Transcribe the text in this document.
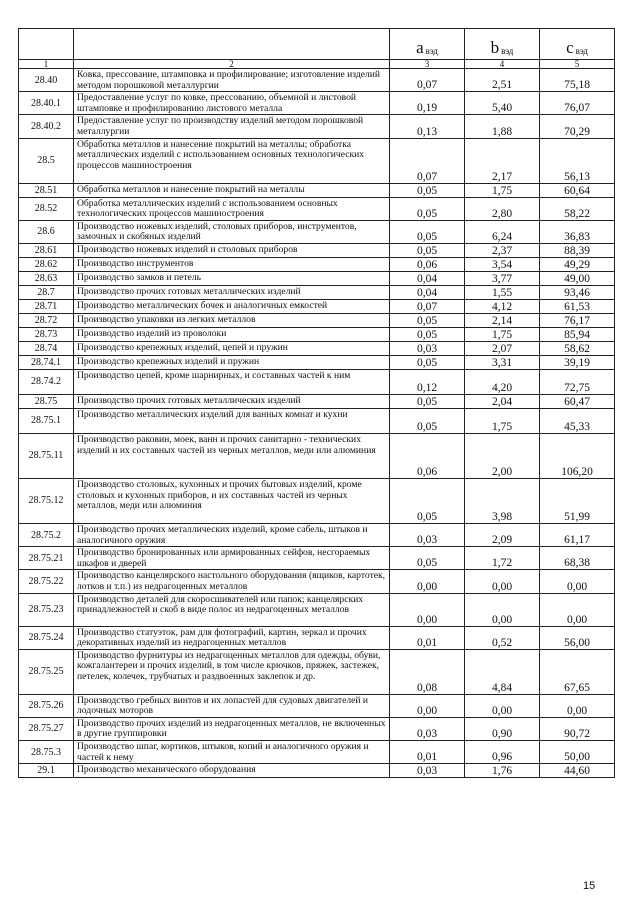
		a $_{вэд}$	b $_{вэд}$	c $_{вэд}$
1	2	3	4	5
28.40	Ковка, прессование, штамповка и профилирование; изготовление изделий методом порошковой металлургии	0,07	2,51	75,18
28.40.1	Предоставление услуг по ковке, прессованию, объемной и листовой штамповке и профилированию листового металла	0,19	5,40	76,07
28.40.2	Предоставление услуг по производству изделий методом порошковой металлургии	0,13	1,88	70,29
28.5	Обработка металлов и нанесение покрытий на металлы; обработка металлических изделий с использованием основных технологических процессов машиностроения	0,07	2,17	56,13
28.51	Обработка металлов и нанесение покрытий на металлы	0,05	1,75	60,64
28.52	Обработка металлических изделий с использованием основных технологических процессов машиностроения	0,05	2,80	58,22
28.6	Производство ножевых изделий, столовых приборов, инструментов, замочных и скобяных изделий	0,05	6,24	36,83
28.61	Производство ножевых изделий и столовых приборов	0,05	2,37	88,39
28.62	Производство инструментов	0,06	3,54	49,29
28.63	Производство замков и петель	0,04	3,77	49,00
28.7	Производство прочих готовых металлических изделий	0,04	1,55	93,46
28.71	Производство металлических бочек и аналогичных емкостей	0,07	4,12	61,53
28.72	Производство упаковки из легких металлов	0,05	2,14	76,17
28.73	Производство изделий из проволоки	0,05	1,75	85,94
28.74	Производство крепежных изделий, цепей и пружин	0,03	2,07	58,62
28.74.1	Производство крепежных изделий и пружин	0,05	3,31	39,19
28.74.2	Производство цепей, кроме шарнирных, и составных частей к ним	0,12	4,20	72,75
28.75	Производство прочих готовых металлических изделий	0,05	2,04	60,47
28.75.1	Производство металлических изделий для ванных комнат и кухни	0,05	1,75	45,33
28.75.11	Производство раковин, моек, ванн и прочих санитарно - технических изделий и их составных частей из черных металлов, меди или алюминия	0,06	2,00	106,20
28.75.12	Производство столовых, кухонных и прочих бытовых изделий, кроме столовых и кухонных приборов, и их составных частей из черных металлов, меди или алюминия	0,05	3,98	51,99
28.75.2	Производство прочих металлических изделий, кроме сабель, штыков и аналогичного оружия	0,03	2,09	61,17
28.75.21	Производство бронированных или армированных сейфов, несгораемых шкафов и дверей	0,05	1,72	68,38
28.75.22	Производство канцелярского настольного оборудования (ящиков, картотек, лотков и т.п.) из недрагоценных металлов	0,00	0,00	0,00
28.75.23	Производство деталей для скоросшивателей или папок; канцелярских принадлежностей и скоб в виде полос из недрагоценных металлов	0,00	0,00	0,00
28.75.24	Производство статуэток, рам для фотографий, картин, зеркал и прочих декоративных изделий из недрагоценных металлов	0,01	0,52	56,00
28.75.25	Производство фурнитуры из недрагоценных металлов для одежды, обуви, кожгалантереи и прочих изделий, в том числе крючков, пряжек, застежек, петелек, колечек, трубчатых и раздвоенных заклепок и др.	0,08	4,84	67,65
28.75.26	Производство гребных винтов и их лопастей для судовых двигателей и лодочных моторов	0,00	0,00	0,00
28.75.27	Производство прочих изделий из недрагоценных металлов, не включенных в другие группировки	0,03	0,90	90,72
28.75.3	Производство шпаг, кортиков, штыков, копий и аналогичного оружия и частей к нему	0,01	0,96	50,00
29.1	Производство механического оборудования	0,03	1,76	44,60
15
